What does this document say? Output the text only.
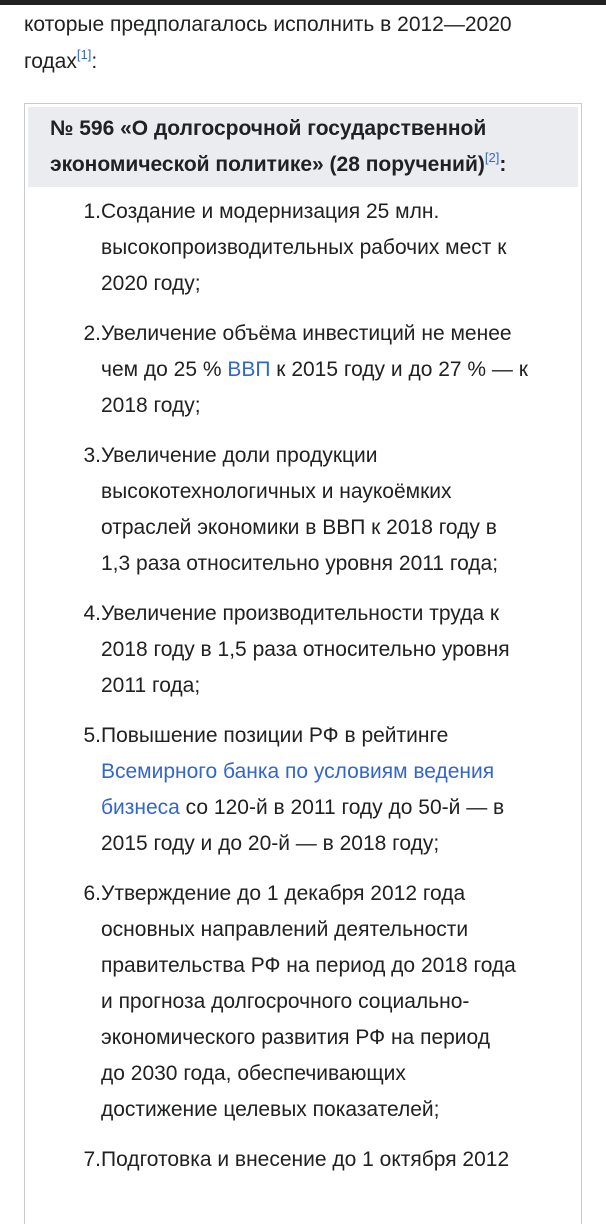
которые предполагалось исполнить в 2012—2020
годах[1]:
№ 596 «О долгосрочной государственной
экономической политике» (28 поручений)[2]:
1. Создание и модернизация 25 млн.
высокопроизводительных рабочих мест к
2020 году;
2. Увеличение объёма инвестиций не менее
чем до 25 % ВВП к 2015 году и до 27 % — к
2018 году;
3. Увеличение доли продукции
высокотехнологичных и наукоёмких
отраслей экономики в ВВП к 2018 году в
1,3 раза относительно уровня 2011 года;
4. Увеличение производительности труда к
2018 году в 1,5 раза относительно уровня
2011 года;
5. Повышение позиции РФ в рейтинге
Всемирного банка по условиям ведения
бизнеса со 120-й в 2011 году до 50-й — в
2015 году и до 20-й — в 2018 году;
6. Утверждение до 1 декабря 2012 года
основных направлений деятельности
правительства РФ на период до 2018 года
и прогноза долгосрочного социально-
экономического развития РФ на период
до 2030 года, обеспечивающих
достижение целевых показателей;
7. Подготовка и внесение до 1 октября 2012
